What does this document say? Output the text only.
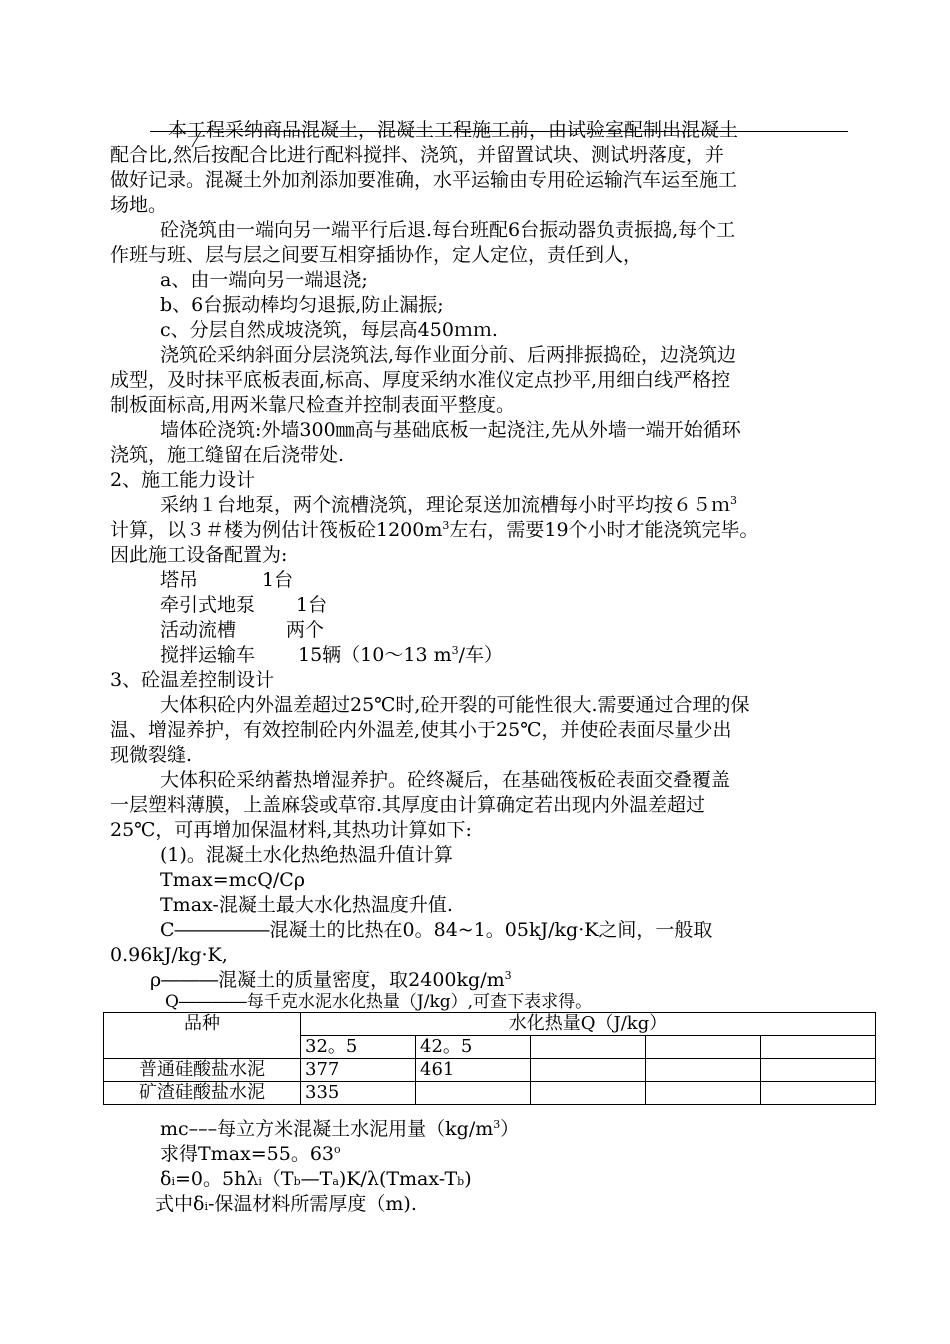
本工程采纳商品混凝土，混凝土工程施工前，由试验室配制出混凝土
配合比,然后按配合比进行配料搅拌、浇筑，并留置试块、测试坍落度，并
做好记录。混凝土外加剂添加要准确，水平运输由专用砼运输汽车运至施工
场地。
砼浇筑由一端向另一端平行后退.每台班配6台振动器负责振捣,每个工
作班与班、层与层之间要互相穿插协作，定人定位，责任到人，
a、由一端向另一端退浇;
b、6台振动棒均匀退振,防止漏振;
c、分层自然成坡浇筑，每层高450ｍｍ.
浇筑砼采纳斜面分层浇筑法,每作业面分前、后两排振捣砼，边浇筑边
成型，及时抹平底板表面,标高、厚度采纳水准仪定点抄平,用细白线严格控
制板面标高,用两米靠尺检查并控制表面平整度。
墙体砼浇筑:外墙300㎜高与基础底板一起浇注,先从外墙一端开始循环
浇筑，施工缝留在后浇带处.
2、施工能力设计
采纳１台地泵，两个流槽浇筑，理论泵送加流槽每小时平均按６５ｍ$^3$
计算，以３＃楼为例估计筏板砼$1200m^3$左右，需要19个小时才能浇筑完毕。
因此施工设备配置为:
塔吊	1台
牵引式地泵 1台
活动流槽	两个
搅拌运输车 15辆（10～13 $m^3/$车）
3、砼温差控制设计
大体积砼内外温差超过25℃时,砼开裂的可能性很大.需要通过合理的保
温、增湿养护，有效控制砼内外温差,使其小于25℃，并使砼表面尽量少出
现微裂缝.
大体积砼采纳蓄热增湿养护。砼终凝后，在基础筏板砼表面交叠覆盖
一层塑料薄膜，上盖麻袋或草帘.其厚度由计算确定若出现内外温差超过
25℃，可再增加保温材料,其热功计算如下:
(1)。混凝土水化热绝热温升值计算
Tmax=mcQ/Cρ
Tmax-混凝土最大水化热温度升值.
C―――――混凝土的比热在0。84~1。05kJ/kg·K之间，一般取
0.96kJ/kg·K,
ρ―――混凝土的质量密度，取$2400kg/m^3$
Q――――每千克水泥水化热量（J/kg）,可查下表求得。
品种	水化热量Q（J/kg）				
	32。5	42。5			
普通硅酸盐水泥	377	461			
矿渣硅酸盐水泥	335				
mc–––每立方米混凝土水泥用量$(kg/m^3)$
求得Tmax=55。63$^o$
$\delta_i=0$。$5h\lambda_i(T_b—T_a)K/\lambda(Tmax-T_b)$
式中$\delta_i-$保温材料所需厚度（m).
